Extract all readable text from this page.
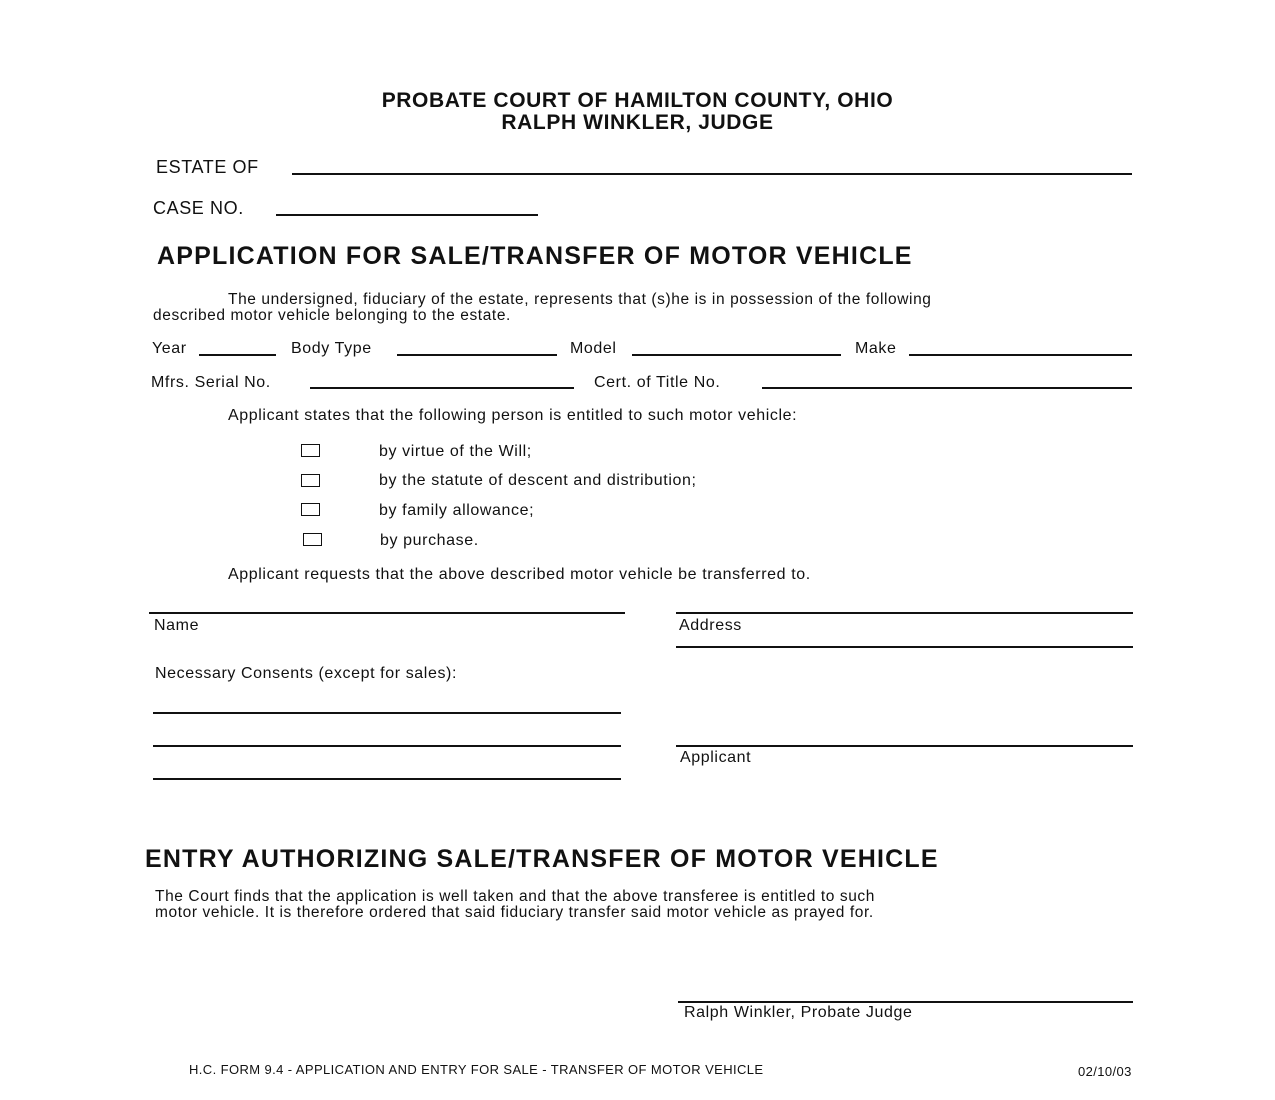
PROBATE COURT OF HAMILTON COUNTY, OHIO
RALPH WINKLER, JUDGE
ESTATE OF
CASE NO.
APPLICATION FOR SALE/TRANSFER OF MOTOR VEHICLE
The undersigned, fiduciary of the estate, represents that (s)he is in possession of the following
described motor vehicle belonging to the estate.
Year	Body Type	Model	Make
Mfrs. Serial No.	Cert. of Title No.
Applicant states that the following person is entitled to such motor vehicle:
by virtue of the Will;
by the statute of descent and distribution;
by family allowance;
by purchase.
Applicant requests that the above described motor vehicle be transferred to.
Name	Address
Necessary Consents (except for sales):
Applicant
ENTRY AUTHORIZING SALE/TRANSFER OF MOTOR VEHICLE
The Court finds that the application is well taken and that the above transferee is entitled to such
motor vehicle. It is therefore ordered that said fiduciary transfer said motor vehicle as prayed for.
Ralph Winkler, Probate Judge
H.C. FORM 9.4 - APPLICATION AND ENTRY FOR SALE - TRANSFER OF MOTOR VEHICLE	02/10/03
